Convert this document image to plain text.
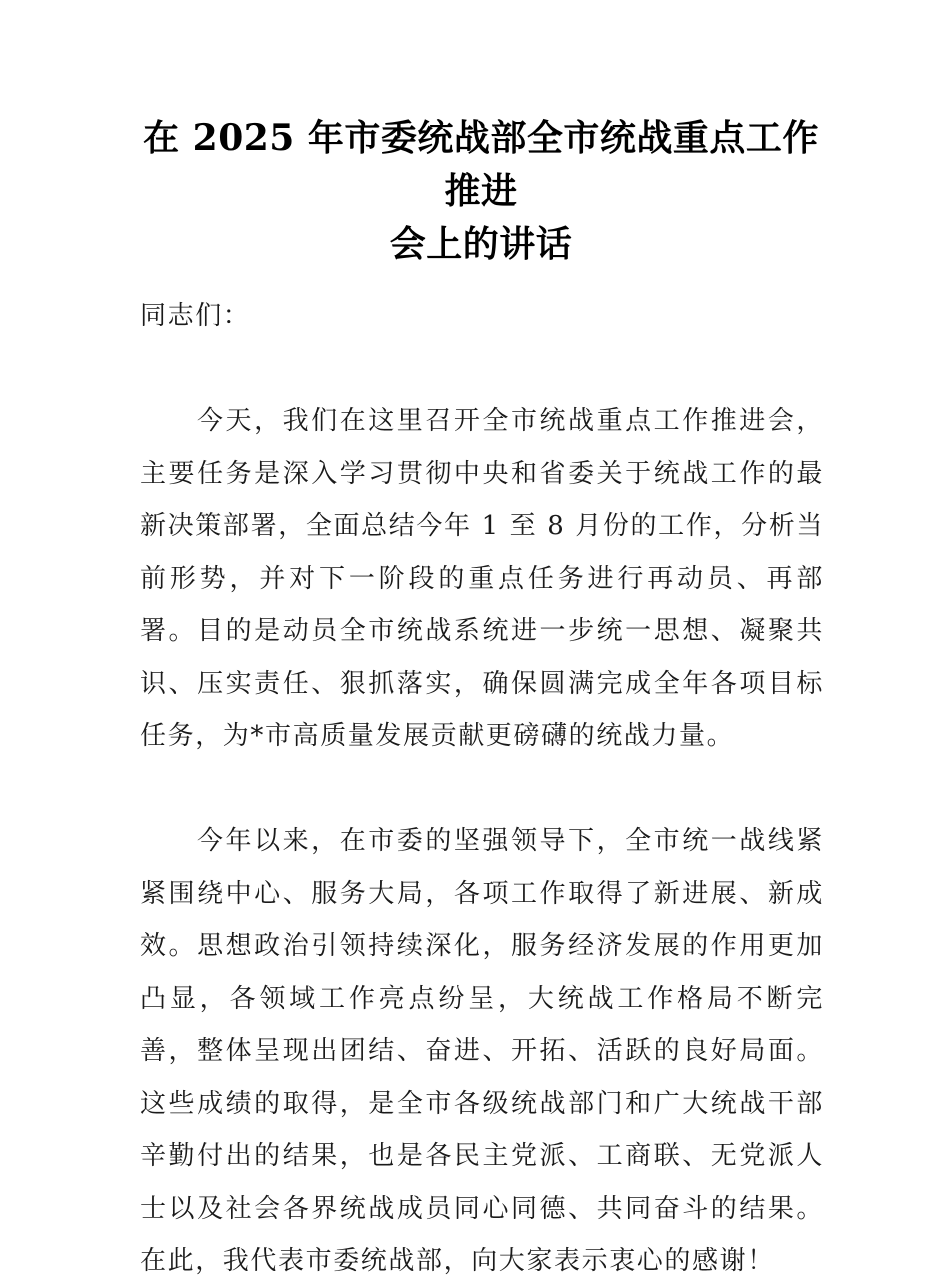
在 2025 年市委统战部全市统战重点工作推进
会上的讲话

同志们：

今天，我们在这里召开全市统战重点工作推进会，主要任务是深入学习贯彻中央和省委关于统战工作的最新决策部署，全面总结今年 1 至 8 月份的工作，分析当前形势，并对下一阶段的重点任务进行再动员、再部署。目的是动员全市统战系统进一步统一思想、凝聚共识、压实责任、狠抓落实，确保圆满完成全年各项目标任务，为*市高质量发展贡献更磅礴的统战力量。

今年以来，在市委的坚强领导下，全市统一战线紧紧围绕中心、服务大局，各项工作取得了新进展、新成效。思想政治引领持续深化，服务经济发展的作用更加凸显，各领域工作亮点纷呈，大统战工作格局不断完善，整体呈现出团结、奋进、开拓、活跃的良好局面。这些成绩的取得，是全市各级统战部门和广大统战干部辛勤付出的结果，也是各民主党派、工商联、无党派人士以及社会各界统战成员同心同德、共同奋斗的结果。在此，我代表市委统战部，向大家表示衷心的感谢！
